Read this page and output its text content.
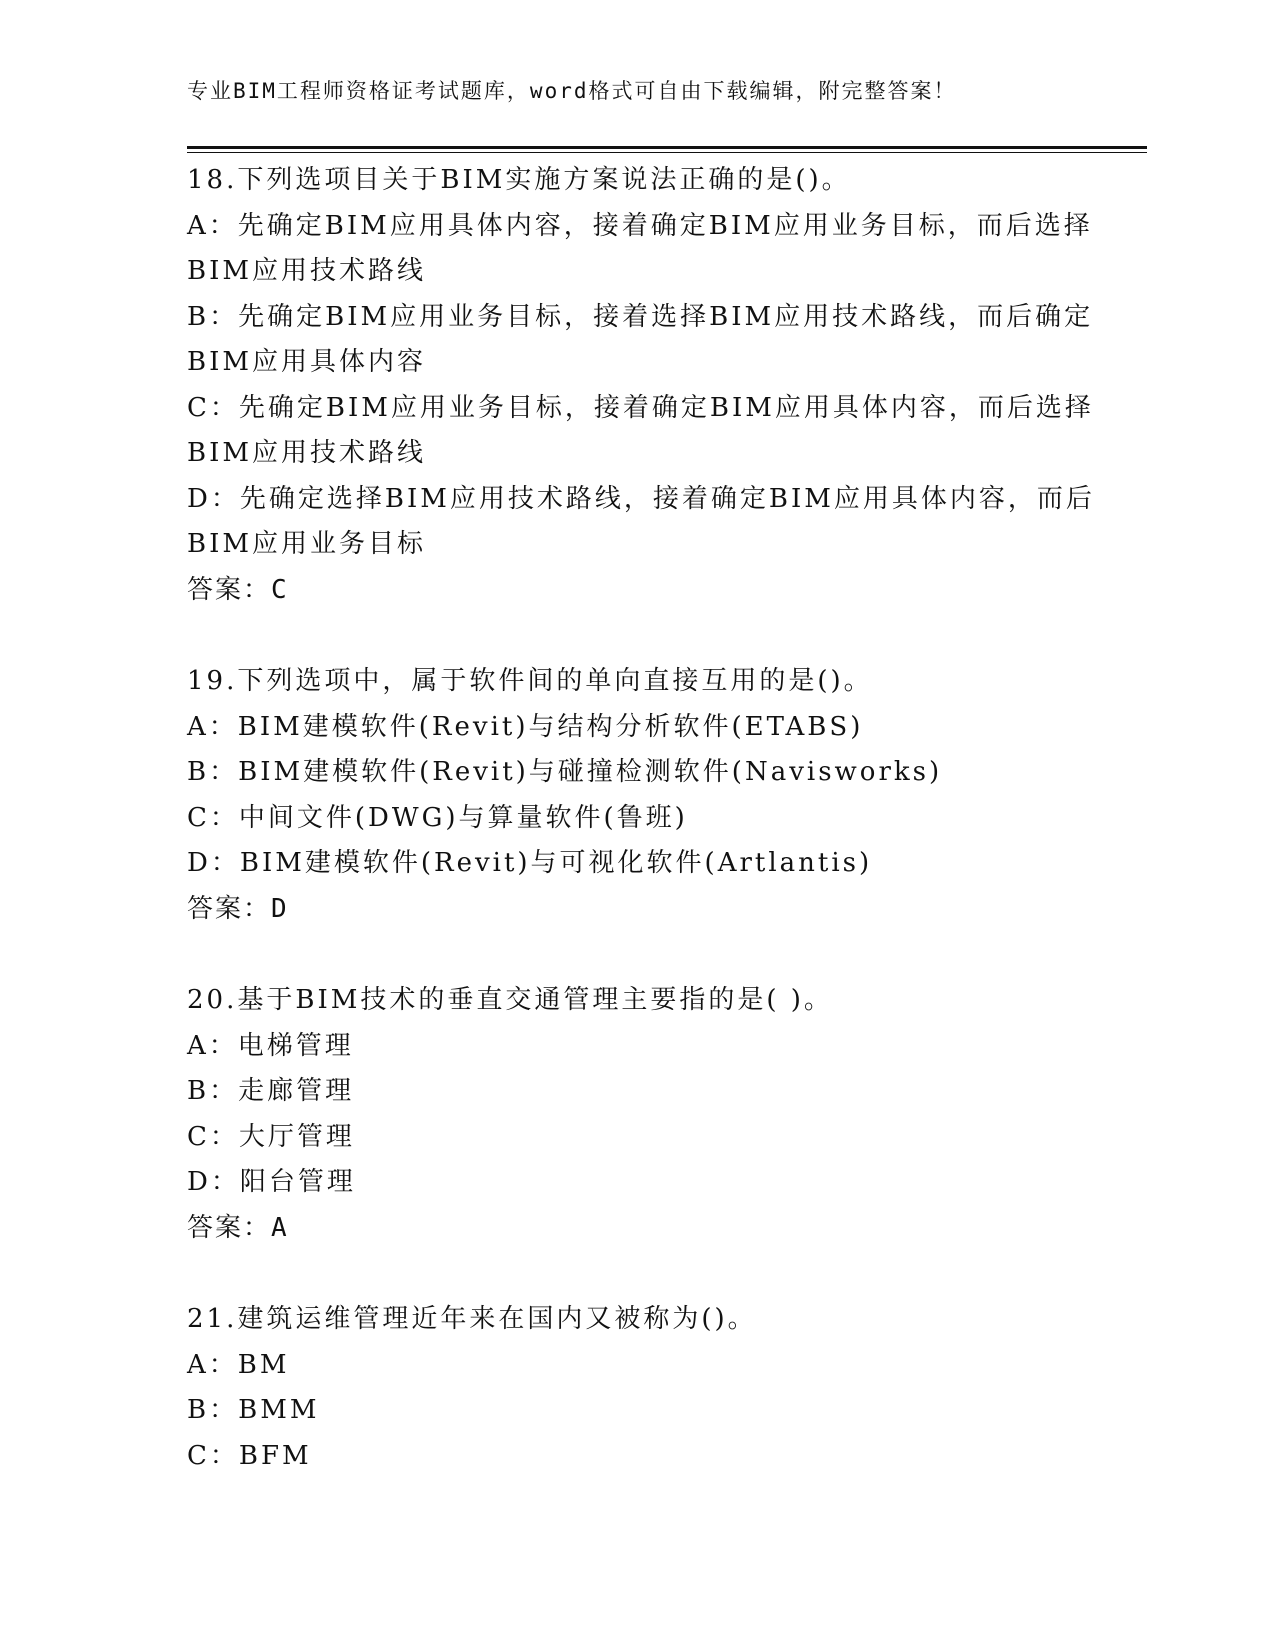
专业BIM工程师资格证考试题库，word格式可自由下载编辑，附完整答案！
18.下列选项目关于BIM实施方案说法正确的是()。
A：先确定BIM应用具体内容，接着确定BIM应用业务目标，而后选择
BIM应用技术路线
B：先确定BIM应用业务目标，接着选择BIM应用技术路线，而后确定
BIM应用具体内容
C：先确定BIM应用业务目标，接着确定BIM应用具体内容，而后选择
BIM应用技术路线
D：先确定选择BIM应用技术路线，接着确定BIM应用具体内容，而后
BIM应用业务目标
答案：C
19.下列选项中，属于软件间的单向直接互用的是()。
A：BIM建模软件(Revit)与结构分析软件(ETABS)
B：BIM建模软件(Revit)与碰撞检测软件(Navisworks)
C：中间文件(DWG)与算量软件(鲁班)
D：BIM建模软件(Revit)与可视化软件(Artlantis)
答案：D
20.基于BIM技术的垂直交通管理主要指的是( )。
A：电梯管理
B：走廊管理
C：大厅管理
D：阳台管理
答案：A
21.建筑运维管理近年来在国内又被称为()。
A：BM
B：BMM
C：BFM
